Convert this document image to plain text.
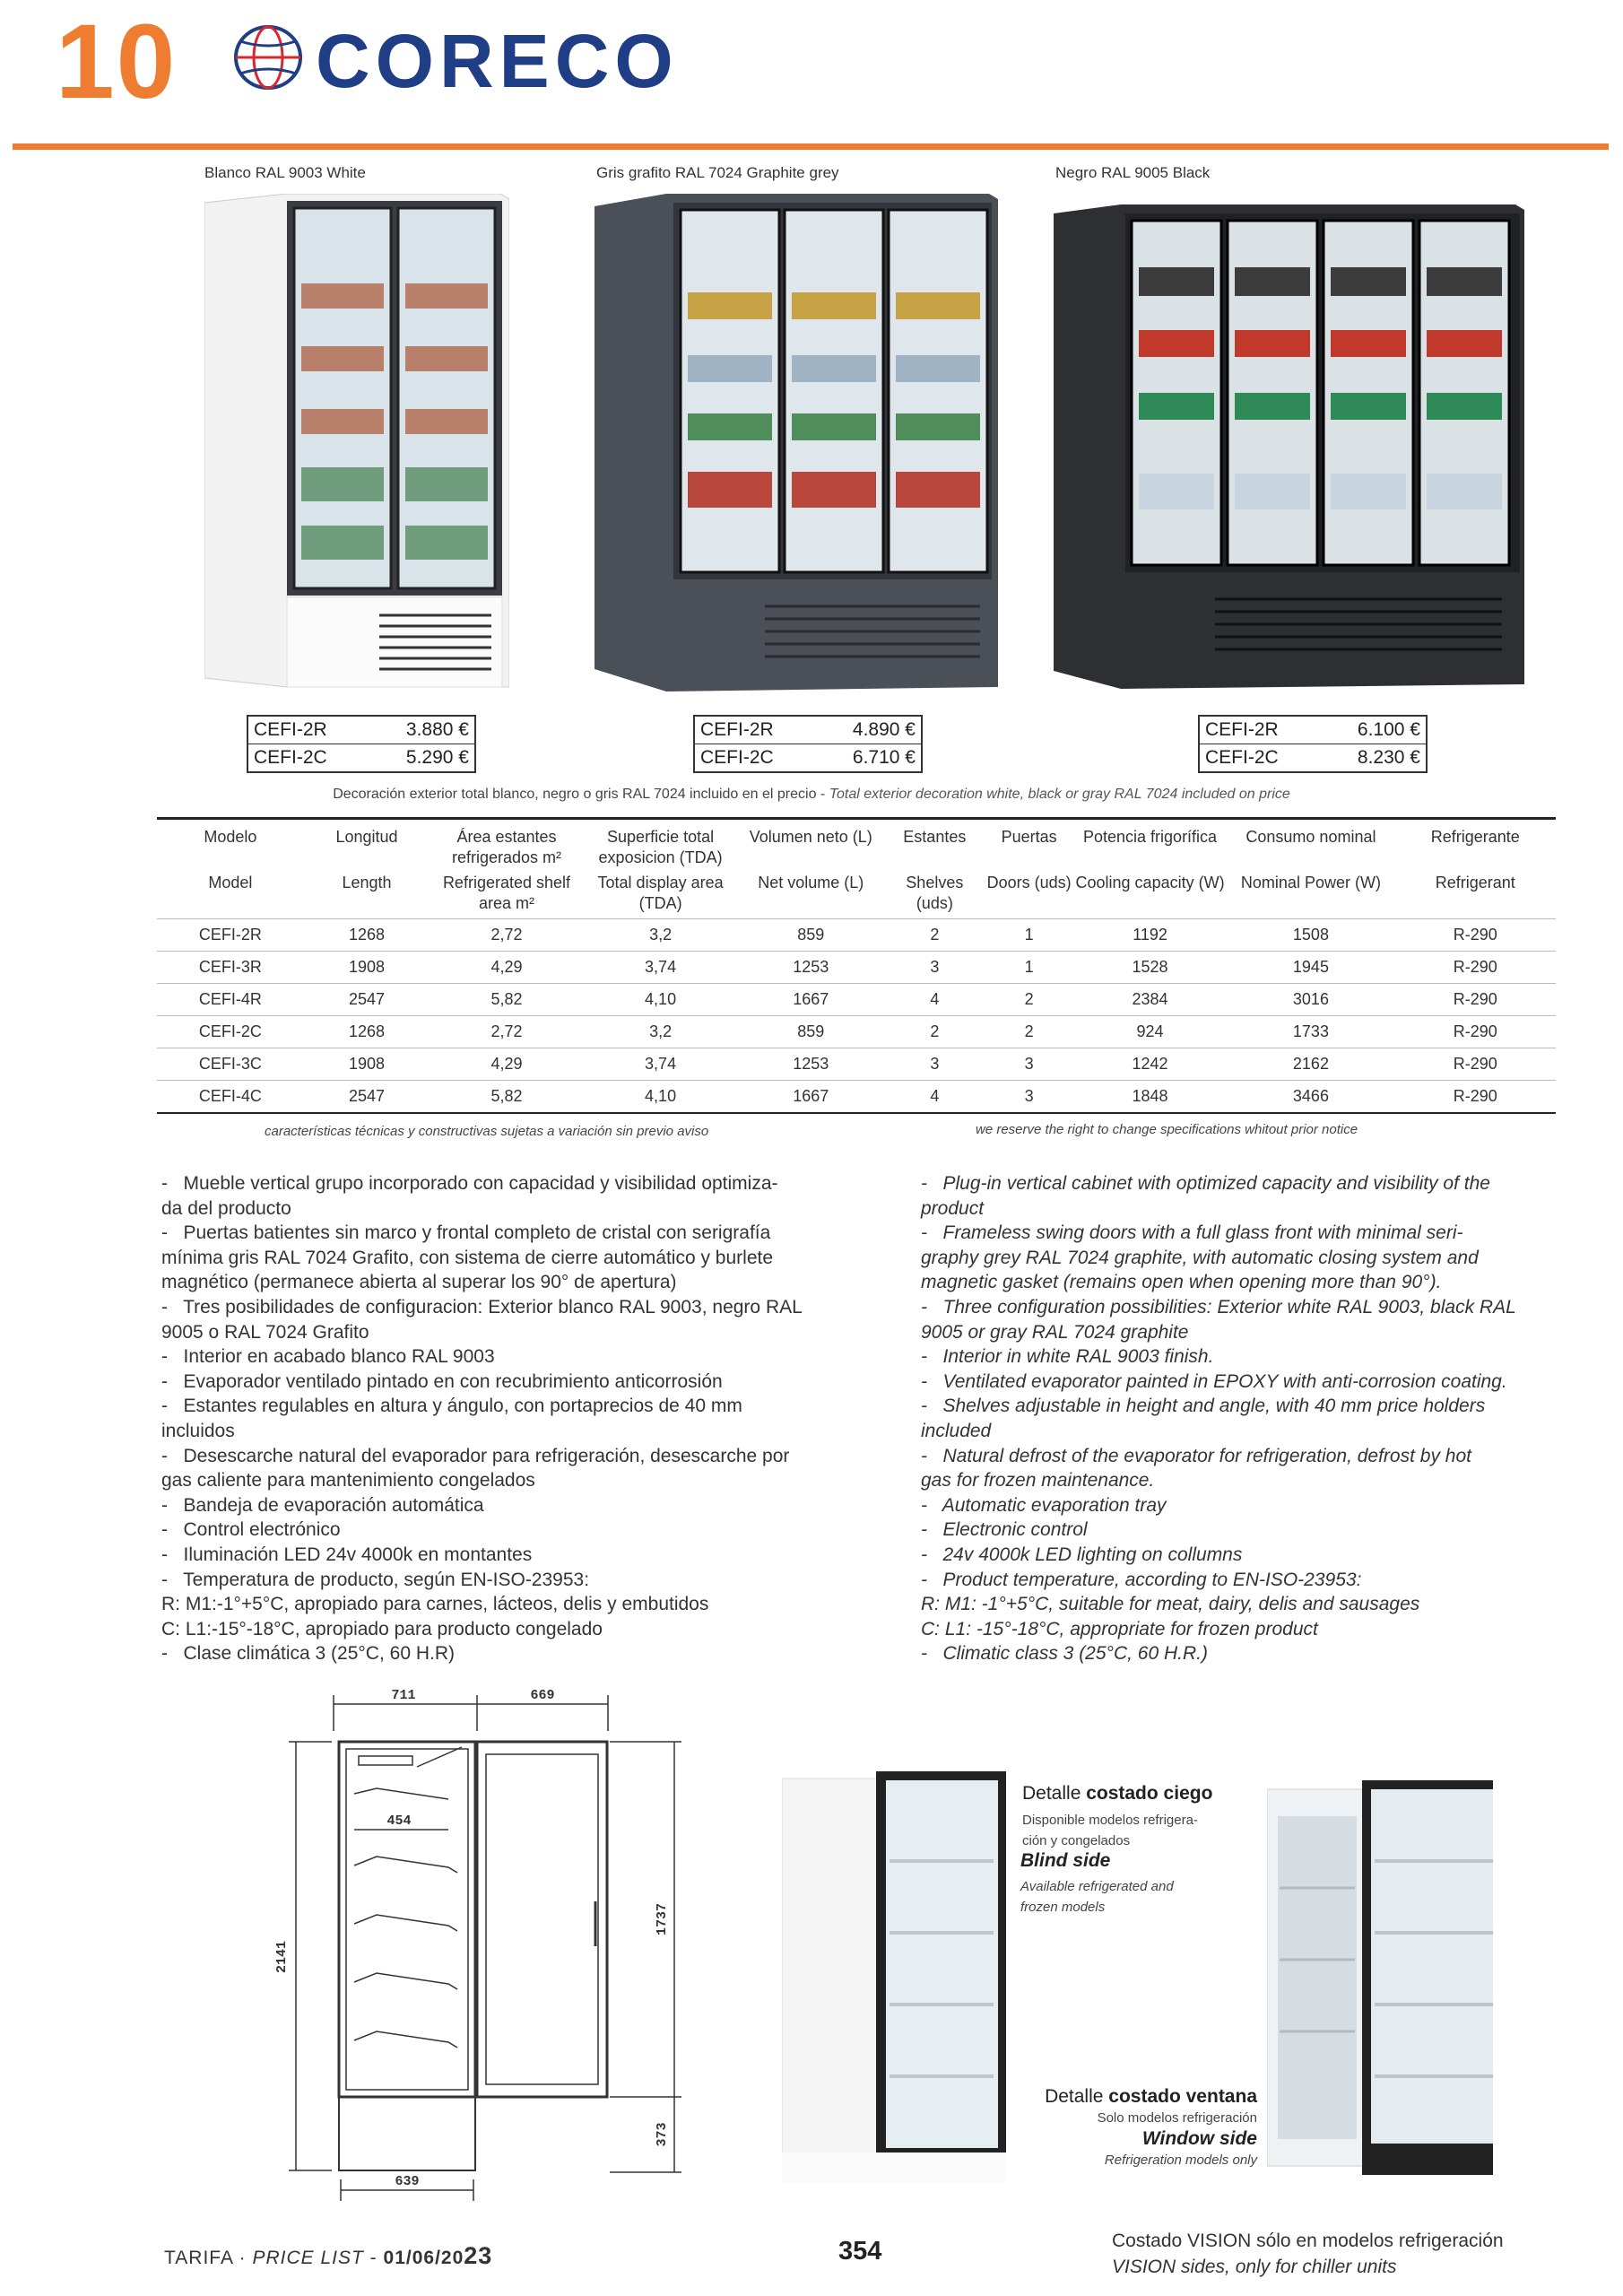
10 CORECO
Blanco RAL 9003 White	Gris grafito RAL 7024 Graphite grey	Negro RAL 9005 Black
CEFI-2R	3.880 €
CEFI-2C	5.290 €
CEFI-2R	4.890 €
CEFI-2C	6.710 €
CEFI-2R	6.100 €
CEFI-2C	8.230 €
Decoración exterior total blanco, negro o gris RAL 7024 incluido en el precio - Total exterior decoration white, black or gray RAL 7024 included on price
Modelo	Longitud	Área estantes refrigerados m²	Superficie total exposicion (TDA)	Volumen neto (L)	Estantes	Puertas	Potencia frigorífica	Consumo nominal	Refrigerante
Model	Length	Refrigerated shelf area m²	Total display area (TDA)	Net volume (L)	Shelves (uds)	Doors (uds)	Cooling capacity (W)	Nominal Power (W)	Refrigerant
CEFI-2R	1268	2,72	3,2	859	2	1	1192	1508	R-290
CEFI-3R	1908	4,29	3,74	1253	3	1	1528	1945	R-290
CEFI-4R	2547	5,82	4,10	1667	4	2	2384	3016	R-290
CEFI-2C	1268	2,72	3,2	859	2	2	924	1733	R-290
CEFI-3C	1908	4,29	3,74	1253	3	3	1242	2162	R-290
CEFI-4C	2547	5,82	4,10	1667	4	3	1848	3466	R-290
características técnicas y constructivas sujetas a variación sin previo aviso	we reserve the right to change specifications whitout prior notice
-   Mueble vertical grupo incorporado con capacidad y visibilidad optimiza-
da del producto
-   Puertas batientes sin marco y frontal completo de cristal con serigrafía
mínima gris RAL 7024 Grafito, con sistema de cierre automático y burlete
magnético (permanece abierta al superar los 90° de apertura)
-   Tres posibilidades de configuracion: Exterior blanco RAL 9003, negro RAL
9005 o RAL 7024 Grafito
-   Interior en acabado blanco RAL 9003
-   Evaporador ventilado pintado en con recubrimiento anticorrosión
-   Estantes regulables en altura y ángulo, con portaprecios de 40 mm
incluidos
-   Desescarche natural del evaporador para refrigeración, desescarche por
gas caliente para mantenimiento congelados
-   Bandeja de evaporación automática
-   Control electrónico
-   Iluminación LED 24v 4000k en montantes
-   Temperatura de producto, según EN-ISO-23953:
R: M1:-1°+5°C, apropiado para carnes, lácteos, delis y embutidos
C: L1:-15°-18°C, apropiado para producto congelado
-   Clase climática 3 (25°C, 60 H.R)
-   Plug-in vertical cabinet with optimized capacity and visibility of the
product
-   Frameless swing doors with a full glass front with minimal seri-
graphy grey RAL 7024 graphite, with automatic closing system and
magnetic gasket (remains open when opening more than 90°).
-   Three configuration possibilities: Exterior white RAL 9003, black RAL
9005 or gray RAL 7024 graphite
-   Interior in white RAL 9003 finish.
-   Ventilated evaporator painted in EPOXY with anti-corrosion coating.
-   Shelves adjustable in height and angle, with 40 mm price holders
included
-   Natural defrost of the evaporator for refrigeration, defrost by hot
gas for frozen maintenance.
-   Automatic evaporation tray
-   Electronic control
-   24v 4000k LED lighting on collumns
-   Product temperature, according to EN-ISO-23953:
R: M1: -1°+5°C, suitable for meat, dairy, delis and sausages
C: L1: -15°-18°C, appropriate for frozen product
-   Climatic class 3 (25°C, 60 H.R.)
711	669
454
2141
1737
373
639
Detalle costado ciego
Disponible modelos refrigera-
ción y congelados
Blind side
Available refrigerated and
frozen models
Detalle costado ventana
Solo modelos refrigeración
Window side
Refrigeration models only
TARIFA · PRICE LIST - 01/06/2023	354	Costado VISION sólo en modelos refrigeración
VISION sides, only for chiller units
